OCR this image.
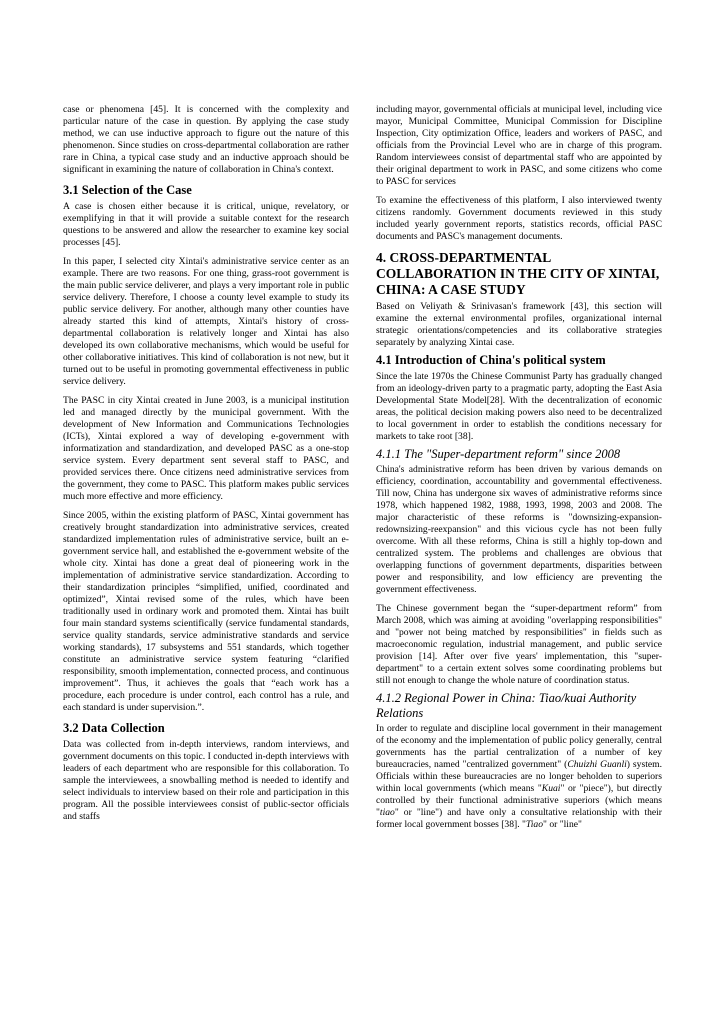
case or phenomena [45]. It is concerned with the complexity and particular nature of the case in question. By applying the case study method, we can use inductive approach to figure out the nature of this phenomenon. Since studies on cross-departmental collaboration are rather rare in China, a typical case study and an inductive approach should be significant in examining the nature of collaboration in China's context.

3.1 Selection of the Case

A case is chosen either because it is critical, unique, revelatory, or exemplifying in that it will provide a suitable context for the research questions to be answered and allow the researcher to examine key social processes [45].

In this paper, I selected city Xintai's administrative service center as an example. There are two reasons. For one thing, grass-root government is the main public service deliverer, and plays a very important role in public service delivery. Therefore, I choose a county level example to study its public service delivery. For another, although many other counties have already started this kind of attempts, Xintai's history of cross-departmental collaboration is relatively longer and Xintai has also developed its own collaborative mechanisms, which would be useful for other collaborative initiatives. This kind of collaboration is not new, but it turned out to be useful in promoting governmental effectiveness in public service delivery.

The PASC in city Xintai created in June 2003, is a municipal institution led and managed directly by the municipal government. With the development of New Information and Communications Technologies (ICTs), Xintai explored a way of developing e-government with informatization and standardization, and developed PASC as a one-stop service system. Every department sent several staff to PASC, and provided services there. Once citizens need administrative services from the government, they come to PASC. This platform makes public services much more effective and more efficiency.

Since 2005, within the existing platform of PASC, Xintai government has creatively brought standardization into administrative services, created standardized implementation rules of administrative service, built an e-government service hall, and established the e-government website of the whole city. Xintai has done a great deal of pioneering work in the implementation of administrative service standardization. According to their standardization principles “simplified, unified, coordinated and optimized”, Xintai revised some of the rules, which have been traditionally used in ordinary work and promoted them. Xintai has built four main standard systems scientifically (service fundamental standards, service quality standards, service administrative standards and service working standards), 17 subsystems and 551 standards, which together constitute an administrative service system featuring “clarified responsibility, smooth implementation, connected process, and continuous improvement”. Thus, it achieves the goals that “each work has a procedure, each procedure is under control, each control has a rule, and each standard is under supervision.”.

3.2 Data Collection

Data was collected from in-depth interviews, random interviews, and government documents on this topic. I conducted in-depth interviews with leaders of each department who are responsible for this collaboration. To sample the interviewees, a snowballing method is needed to identify and select individuals to interview based on their role and participation in this program. All the possible interviewees consist of public-sector officials and staffs

including mayor, governmental officials at municipal level, including vice mayor, Municipal Committee, Municipal Commission for Discipline Inspection, City optimization Office, leaders and workers of PASC, and officials from the Provincial Level who are in charge of this program. Random interviewees consist of departmental staff who are appointed by their original department to work in PASC, and some citizens who come to PASC for services

To examine the effectiveness of this platform, I also interviewed twenty citizens randomly. Government documents reviewed in this study included yearly government reports, statistics records, official PASC documents and PASC's management documents.

4. CROSS-DEPARTMENTAL COLLABORATION IN THE CITY OF XINTAI, CHINA: A CASE STUDY

Based on Veliyath & Srinivasan's framework [43], this section will examine the external environmental profiles, organizational internal strategic orientations/competencies and its collaborative strategies separately by analyzing Xintai case.

4.1 Introduction of China's political system

Since the late 1970s the Chinese Communist Party has gradually changed from an ideology-driven party to a pragmatic party, adopting the East Asia Developmental State Model[28]. With the decentralization of economic areas, the political decision making powers also need to be decentralized to local government in order to establish the conditions necessary for markets to take root [38].

4.1.1 The "Super-department reform" since 2008

China's administrative reform has been driven by various demands on efficiency, coordination, accountability and governmental effectiveness. Till now, China has undergone six waves of administrative reforms since 1978, which happened 1982, 1988, 1993, 1998, 2003 and 2008. The major characteristic of these reforms is "downsizing-expansion-redownsizing-reexpansion" and this vicious cycle has not been fully overcome. With all these reforms, China is still a highly top-down and centralized system. The problems and challenges are obvious that overlapping functions of government departments, disparities between power and responsibility, and low efficiency are preventing the government effectiveness.

The Chinese government began the “super-department reform” from March 2008, which was aiming at avoiding "overlapping responsibilities" and "power not being matched by responsibilities" in fields such as macroeconomic regulation, industrial management, and public service provision [14]. After over five years' implementation, this "super-department" to a certain extent solves some coordinating problems but still not enough to change the whole nature of coordination status.

4.1.2 Regional Power in China: Tiao/kuai Authority Relations

In order to regulate and discipline local government in their management of the economy and the implementation of public policy generally, central governments has the partial centralization of a number of key bureaucracies, named "centralized government" (Chuizhi Guanli) system. Officials within these bureaucracies are no longer beholden to superiors within local governments (which means "Kuai" or "piece"), but directly controlled by their functional administrative superiors (which means "tiao" or "line") and have only a consultative relationship with their former local government bosses [38]. "Tiao" or "line"
